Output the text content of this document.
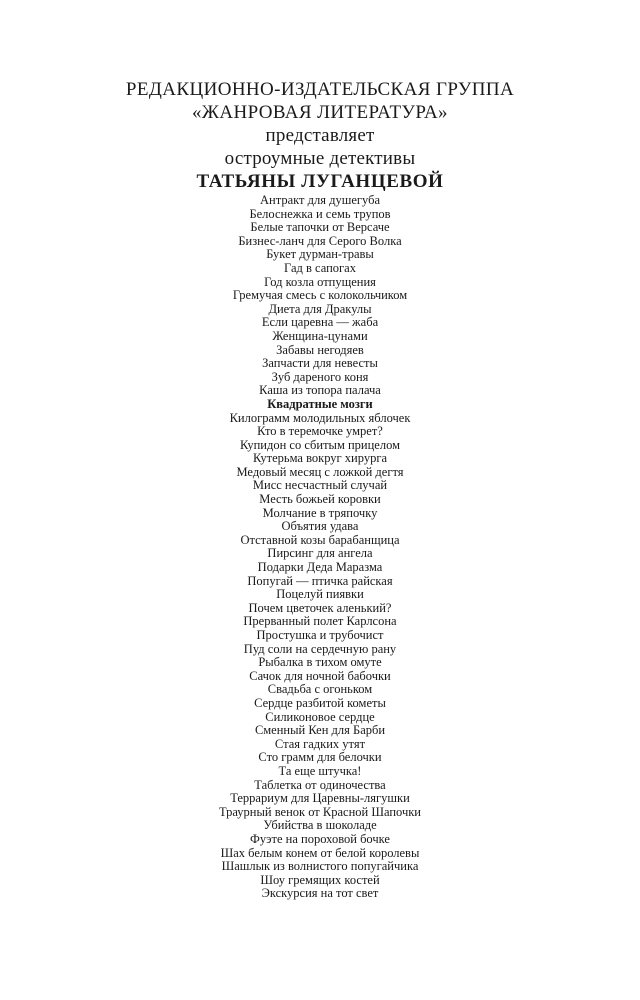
РЕДАКЦИОННО-ИЗДАТЕЛЬСКАЯ ГРУППА
«ЖАНРОВАЯ ЛИТЕРАТУРА»
представляет
остроумные детективы
ТАТЬЯНЫ ЛУГАНЦЕВОЙ
Антракт для душегуба
Белоснежка и семь трупов
Белые тапочки от Версаче
Бизнес-ланч для Серого Волка
Букет дурман-травы
Гад в сапогах
Год козла отпущения
Гремучая смесь с колокольчиком
Диета для Дракулы
Если царевна — жаба
Женщина-цунами
Забавы негодяев
Запчасти для невесты
Зуб дареного коня
Каша из топора палача
Квадратные мозги
Килограмм молодильных яблочек
Кто в теремочке умрет?
Купидон со сбитым прицелом
Кутерьма вокруг хирурга
Медовый месяц с ложкой дегтя
Мисс несчастный случай
Месть божьей коровки
Молчание в тряпочку
Объятия удава
Отставной козы барабанщица
Пирсинг для ангела
Подарки Деда Маразма
Попугай — птичка райская
Поцелуй пиявки
Почем цветочек аленький?
Прерванный полет Карлсона
Простушка и трубочист
Пуд соли на сердечную рану
Рыбалка в тихом омуте
Сачок для ночной бабочки
Свадьба с огоньком
Сердце разбитой кометы
Силиконовое сердце
Сменный Кен для Барби
Стая гадких утят
Сто грамм для белочки
Та еще штучка!
Таблетка от одиночества
Террариум для Царевны-лягушки
Траурный венок от Красной Шапочки
Убийства в шоколаде
Фуэте на пороховой бочке
Шах белым конем от белой королевы
Шашлык из волнистого попугайчика
Шоу гремящих костей
Экскурсия на тот свет
